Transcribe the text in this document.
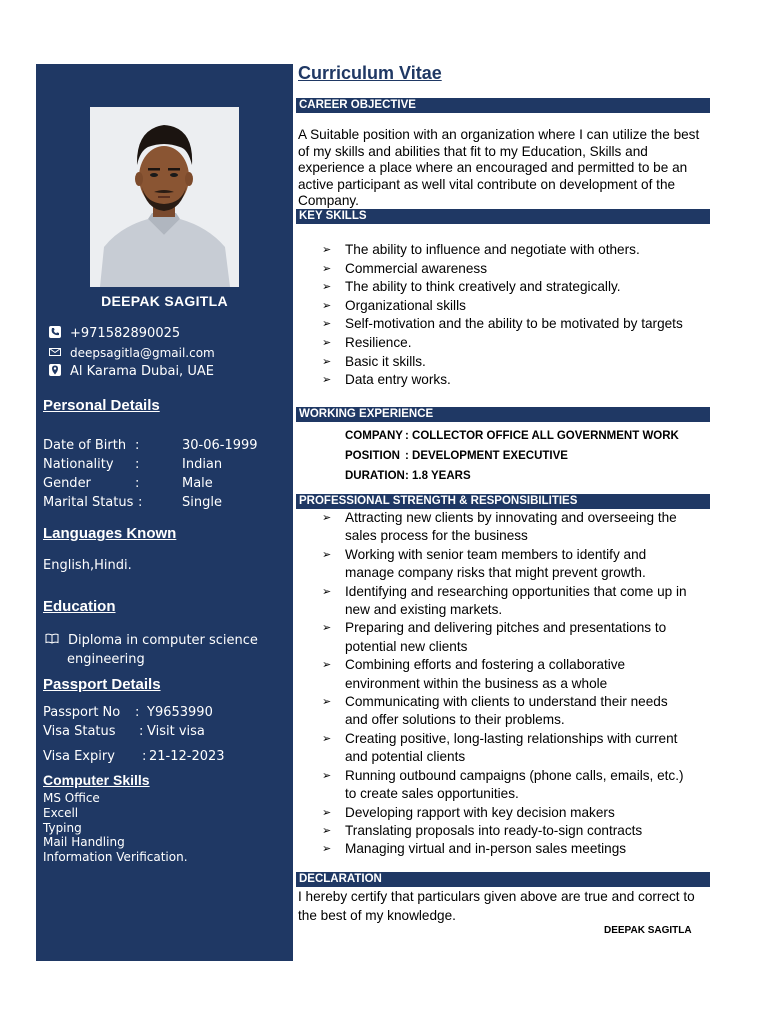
DEEPAK SAGITLA
+971582890025
deepsagitla@gmail.com
Al Karama Dubai, UAE
Personal Details
Date of Birth :	30-06-1999
Nationality :	Indian
Gender	:	Male
Marital Status :	Single
Languages Known
English,Hindi.
Education
Diploma in computer science
engineering
Passport Details
Passport No : Y9653990
Visa Status : Visit visa
Visa Expiry : 21-12-2023
Computer Skills
MS Office
Excell
Typing
Mail Handling
Information Verification.
Curriculum Vitae
CAREER OBJECTIVE
A Suitable position with an organization where I can utilize the best of my skills and abilities that fit to my Education, Skills and experience a place where an encouraged and permitted to be an active participant as well vital contribute on development of the Company.
KEY SKILLS
➢ The ability to influence and negotiate with others.
➢ Commercial awareness
➢ The ability to think creatively and strategically.
➢ Organizational skills
➢ Self-motivation and the ability to be motivated by targets
➢ Resilience.
➢ Basic it skills.
➢ Data entry works.
WORKING EXPERIENCE
COMPANY : COLLECTOR OFFICE ALL GOVERNMENT WORK
POSITION : DEVELOPMENT EXECUTIVE
DURATION: 1.8 YEARS
PROFESSIONAL STRENGTH & RESPONSIBILITIES
➢ Attracting new clients by innovating and overseeing the
sales process for the business
➢ Working with senior team members to identify and
manage company risks that might prevent growth.
➢ Identifying and researching opportunities that come up in
new and existing markets.
➢ Preparing and delivering pitches and presentations to
potential new clients
➢ Combining efforts and fostering a collaborative
environment within the business as a whole
➢ Communicating with clients to understand their needs
and offer solutions to their problems.
➢ Creating positive, long-lasting relationships with current
and potential clients
➢ Running outbound campaigns (phone calls, emails, etc.)
to create sales opportunities.
➢ Developing rapport with key decision makers
➢ Translating proposals into ready-to-sign contracts
➢ Managing virtual and in-person sales meetings
DECLARATION
I hereby certify that particulars given above are true and correct to the best of my knowledge.
DEEPAK SAGITLA
